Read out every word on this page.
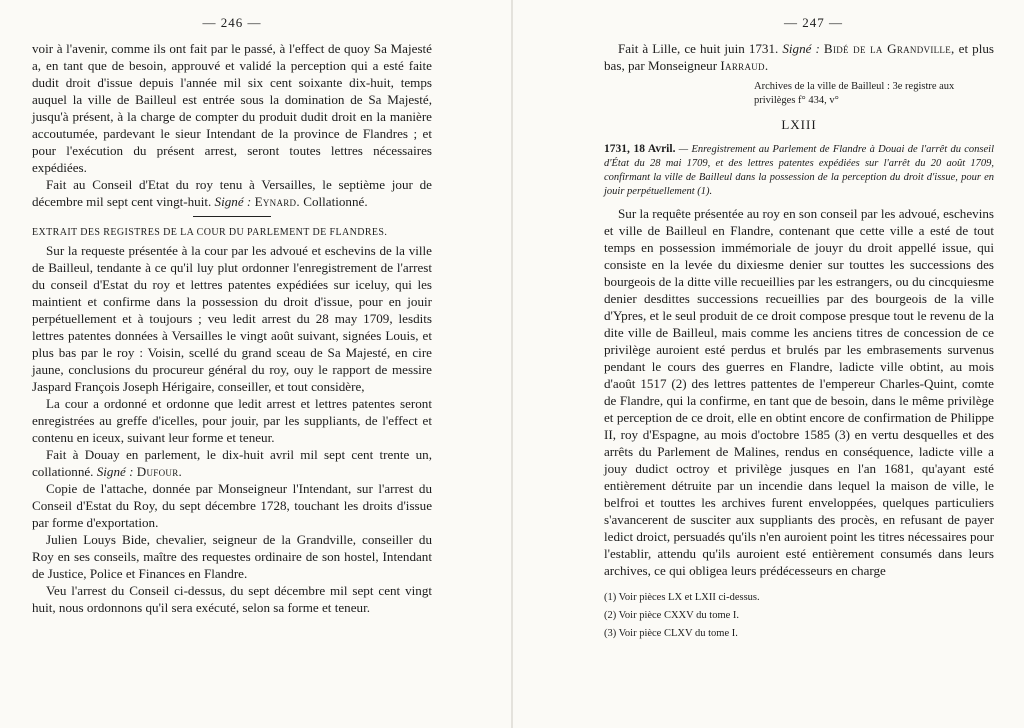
— 246 —

voir à l'avenir, comme ils ont fait par le passé, à l'effect de quoy Sa Majesté a, en tant que de besoin, approuvé et validé la perception qui a esté faite dudit droit d'issue depuis l'année mil six cent soixante dix-huit, temps auquel la ville de Bailleul est entrée sous la domination de Sa Majesté, jusqu'à présent, à la charge de compter du produit dudit droit en la manière accoutumée, pardevant le sieur Intendant de la province de Flandres ; et pour l'exécution du présent arrest, seront toutes lettres nécessaires expédiées.

Fait au Conseil d'Etat du roy tenu à Versailles, le septième jour de décembre mil sept cent vingt-huit. Signé : Eynard. Collationné.

EXTRAIT DES REGISTRES DE LA COUR DU PARLEMENT DE FLANDRES.

Sur la requeste présentée à la cour par les advoué et eschevins de la ville de Bailleul, tendante à ce qu'il luy plut ordonner l'enregistrement de l'arrest du conseil d'Estat du roy et lettres patentes expédiées sur iceluy, qui les maintient et confirme dans la possession du droit d'issue, pour en jouir perpétuellement et à toujours ; veu ledit arrest du 28 may 1709, lesdits lettres patentes données à Versailles le vingt août suivant, signées Louis, et plus bas par le roy : Voisin, scellé du grand sceau de Sa Majesté, en cire jaune, conclusions du procureur général du roy, ouy le rapport de messire Jaspard François Joseph Hérigaire, conseiller, et tout considère,

La cour a ordonné et ordonne que ledit arrest et lettres patentes seront enregistrées au greffe d'icelles, pour jouir, par les suppliants, de l'effect et contenu en iceux, suivant leur forme et teneur.

Fait à Douay en parlement, le dix-huit avril mil sept cent trente un, collationné. Signé : Dufour.

Copie de l'attache, donnée par Monseigneur l'Intendant, sur l'arrest du Conseil d'Estat du Roy, du sept décembre 1728, touchant les droits d'issue par forme d'exportation.

Julien Louys Bide, chevalier, seigneur de la Grandville, conseiller du Roy en ses conseils, maître des requestes ordinaire de son hostel, Intendant de Justice, Police et Finances en Flandre.

Veu l'arrest du Conseil ci-dessus, du sept décembre mil sept cent vingt huit, nous ordonnons qu'il sera exécuté, selon sa forme et teneur.

— 247 —

Fait à Lille, ce huit juin 1731. Signé : Bidé de la Grandville, et plus bas, par Monseigneur Iarraud.

Archives de la ville de Bailleul : 3e registre aux privilèges f° 434, v°
LXIII

1731, 18 Avril. — Enregistrement au Parlement de Flandre à Douai de l'arrêt du conseil d'État du 28 mai 1709, et des lettres patentes expédiées sur l'arrêt du 20 août 1709, confirmant la ville de Bailleul dans la possession de la perception du droit d'issue, pour en jouir perpétuellement (1).

Sur la requête présentée au roy en son conseil par les advoué, eschevins et ville de Bailleul en Flandre, contenant que cette ville a esté de tout temps en possession immémoriale de jouyr du droit appellé issue, qui consiste en la levée du dixiesme denier sur touttes les successions des bourgeois de la ditte ville recueillies par les estrangers, ou du cincquiesme denier desdittes successions recueillies par des bourgeois de la ville d'Ypres, et le seul produit de ce droit compose presque tout le revenu de la dite ville de Bailleul, mais comme les anciens titres de concession de ce privilège auroient esté perdus et brulés par les embrasements survenus pendant le cours des guerres en Flandre, ladicte ville obtint, au mois d'août 1517 (2) des lettres pattentes de l'empereur Charles-Quint, comte de Flandre, qui la confirme, en tant que de besoin, dans le même privilège et perception de ce droit, elle en obtint encore de confirmation de Philippe II, roy d'Espagne, au mois d'octobre 1585 (3) en vertu desquelles et des arrêts du Parlement de Malines, rendus en conséquence, ladicte ville a jouy dudict octroy et privilège jusques en l'an 1681, qu'ayant esté entièrement détruite par un incendie dans lequel la maison de ville, le belfroi et touttes les archives furent enveloppées, quelques particuliers s'avancerent de susciter aux suppliants des procès, en refusant de payer ledict droict, persuadés qu'ils n'en auroient point les titres nécessaires pour l'establir, attendu qu'ils auroient esté entièrement consumés dans leurs archives, ce qui obligea leurs prédécesseurs en charge

(1) Voir pièces LX et LXII ci-dessus.

(2) Voir pièce CXXV du tome I.

(3) Voir pièce CLXV du tome I.
